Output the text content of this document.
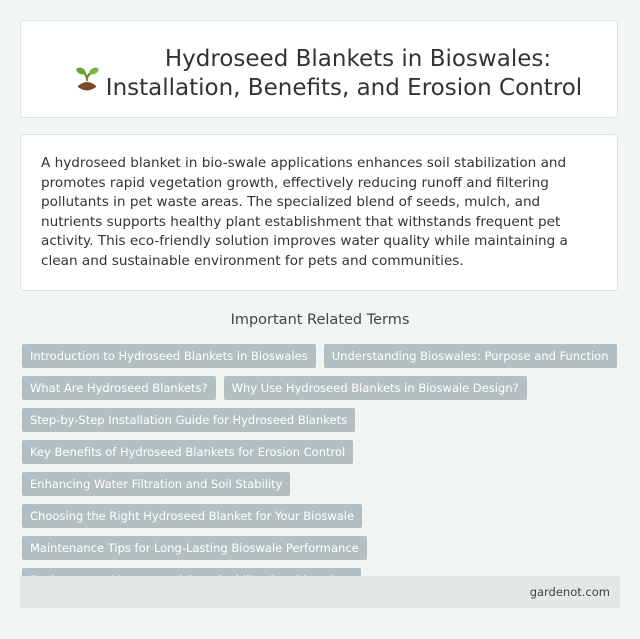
Hydroseed Blankets in Bioswales: Installation, Benefits, and Erosion Control

A hydroseed blanket in bio-swale applications enhances soil stabilization and promotes rapid vegetation growth, effectively reducing runoff and filtering pollutants in pet waste areas. The specialized blend of seeds, mulch, and nutrients supports healthy plant establishment that withstands frequent pet activity. This eco-friendly solution improves water quality while maintaining a clean and sustainable environment for pets and communities.

Important Related Terms
Introduction to Hydroseed Blankets in Bioswales	Understanding Bioswales: Purpose and Function
What Are Hydroseed Blankets?	Why Use Hydroseed Blankets in Bioswale Design?
Step-by-Step Installation Guide for Hydroseed Blankets
Key Benefits of Hydroseed Blankets for Erosion Control
Enhancing Water Filtration and Soil Stability
Choosing the Right Hydroseed Blanket for Your Bioswale
Maintenance Tips for Long-Lasting Bioswale Performance
gardenot.com
